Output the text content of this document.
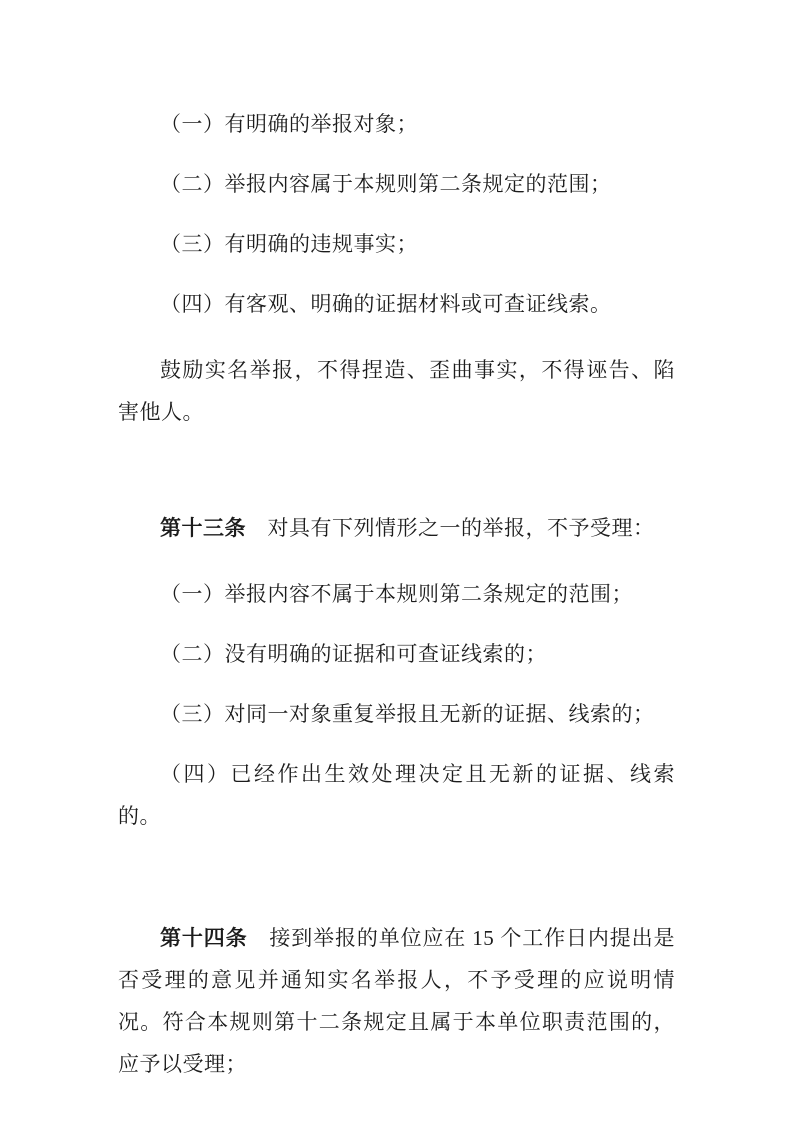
（一）有明确的举报对象；

（二）举报内容属于本规则第二条规定的范围；

（三）有明确的违规事实；

（四）有客观、明确的证据材料或可查证线索。

鼓励实名举报，不得捏造、歪曲事实，不得诬告、陷害他人。

第十三条　对具有下列情形之一的举报，不予受理：

（一）举报内容不属于本规则第二条规定的范围；

（二）没有明确的证据和可查证线索的；

（三）对同一对象重复举报且无新的证据、线索的；

（四）已经作出生效处理决定且无新的证据、线索的。

第十四条　接到举报的单位应在 15 个工作日内提出是否受理的意见并通知实名举报人，不予受理的应说明情况。符合本规则第十二条规定且属于本单位职责范围的，应予以受理；
